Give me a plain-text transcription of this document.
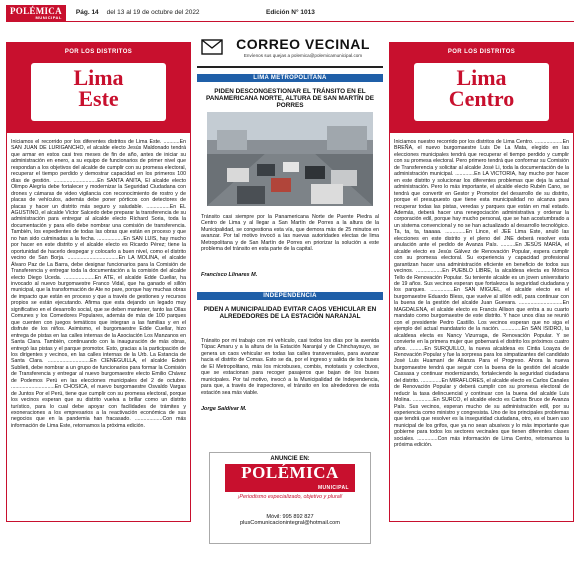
POLÉMICA
MUNICIPAL
Pág. 14 del 13 al 19 de octubre del 2022	Edición N° 1013
POR LOS DISTRITOS
Lima
Este

Iniciamos el recorrido por los diferentes distritos de Lima Este. ...........En SAN JUAN DE LURIGANCHO, el alcalde electo Jesús Maldonado tendrá que armar en estos casi tres meses de fin de año, antes de iniciar su administración en enero, a su equipo de funcionarios de primer nivel que respondan a los objetivos del alcalde de cumplir con su promesa electoral, recuperar el tiempo perdido y demostrar capacidad en los primeros 100 días de gestión. ..............................En SANTA ANITA, El alcalde electo Olimpo Alegría debe fortalecer y modernizar la Seguridad Ciudadana con drones y cámaras de video vigilancia con reconocimiento de rostro y de placas de vehículos, además debe poner pórticos con detectores de placas y hacer un distrito más seguro y saludable. ................En EL AGUSTINO, el alcalde Víctor Salcedo debe preparar la transferencia de su administración para entregar al alcalde electo Richard Soria, toda la documentación y para ello debe nombrar una comisión de transferencia. También, los expedientes de todas las obras que están en proceso y que no han sido culminadas a la fecha. ..................En SAN LUIS, hay mucho por hacer en este distrito y el alcalde electo es Ricardo Pérez; tiene la oportunidad de hacerlo despegar y colocarlo a buen nivel, como el distrito vecino de San Borja. ...................................En LA MOLINA, el alcalde Álvaro Paz de La Barra, debe designar funcionarios para la Comisión de Transferencia y entregar toda la documentación a la comisión del alcalde electo Diego Uceda. .....................En ATE, el alcalde Edde Cuellar, ha invocado al nuevo burgomaestre Franco Vidal, que ha ganado el sillón municipal, que la transformación de Ate no pare, porque hay muchas obras de impacto que están en proceso y que a través de gestiones y recursos propios se están ejecutando. Afirma que esta dejando un legado muy significativo en el desarrollo social, que se deben mantener, tanto las Ollas Comunes y los Comedores Populares, además de más de 100 parques que cuenten con juegos temáticos que integran a las familias y en el disfrute de los niños. Asimismo, el burgomaestre Edde Cuellar, hizo entrega de pistas en las calles internas de la Asociación Los Manzanos en Santa Clara. También, continuando con la inauguración de más obras, entregó las pistas y el parque promotor. Esto, gracias a la participación de los dirigentes y vecinos, en las calles internas de la Urb. La Estancia de Santa Clara. .............................En CIENEGUILLA, el alcalde Edwin Sublieti, debe nombrar a un grupo de funcionarios para formar la Comisión de Transferencia y entregar al nuevo burgomaestre electo Emilio Chávez de Podemos Perú en las elecciones municipales del 2 de octubre. ..............................En CHOSICA, el nuevo burgomaestre Osvaldo Vargas de Juntos Por el Perú, tiene que cumplir con su promesa electoral, porque los vecinos esperan que su distrito vuelva a brillar como un distrito turístico, para lo cual debe apoyar con facilidades de trámites y exoneraciones a los empresarios a la reactivación económica de sus negocios que en la pandemia han fracasado. ...................Con más información de Lima Este, retornamos la próxima edición.

CORREO VECINAL
Envíenos sus quejas a polemica@polemicamunicipal.com
LIMA METROPOLITANA
PIDEN DESCONGESTIONAR EL TRÁNSITO EN EL PANAMERICANA NORTE, ALTURA DE SAN MARTÍN DE PORRES
Tránsito casi siempre por la Panamericana Norte de Puente Piedra al Centro de Lima y al llegar a San Martín de Porres a la altura de la Municipalidad, se congestiona esta vía, que demora más de 25 minutos en avanzar. Por tal motivo invocó a las nuevas autoridades electas de lima Metropolitana y de San Martín de Porres en priorizar la solución a este problema del tránsito en esta parte de la capital.
Francisco Llinares M.
INDEPENDENCIA
PIDEN A MUNICIPALIDAD EVITAR CAOS VEHICULAR EN ALREDEDORES DE LA ESTACIÓN NARANJAL
Tránsito por mi trabajo con mi vehículo, casi todos los días por la avenida Túpac Amaru y a la altura de la Estación Naranjal y de Chinchaysuyo, se genera un caos vehicular en todas las calles transversales, para avanzar hacia el distrito de Comas. Esto se da, por el ingreso y salida de los buses de El Metropolitano, más los microbuses, combis, mototaxis y colectivos, que se estacionan para recoger pasajeros que bajan de los buses municipales. Por tal motivo, invocó a la Municipalidad de Independencia, para que, a través de inspectores, el tránsito en los alrededores de esta estación sea más viable.
Jorge Saldívar M.
ANUNCIE EN:
POLÉMICA
MUNICIPAL
¡Periodismo especializado, objetivo y plural!
Móvil: 995 892 827
plusComunicacionintegral@hotmail.com
POR LOS DISTRITOS
Lima
Centro

Iniciamos nuestro recorrido por los distritos de Lima Centro. ...................En BREÑA, el nuevo burgomaestre Luis De La Mata, elegido en las elecciones municipales tendrá que recuperar el tiempo perdido y cumplir con su promesa electoral. Pero primero tendrá que conformar su Comisión de Transferencia y solicitar al alcalde José Li, toda la documentación de la administración municipal. .............En LA VICTORIA, hay mucho por hacer en este distrito y solucionar los diferentes problemas que deja la actual administración. Pero lo más importante, el alcalde electo Rubén Cano, se tendrá que convertir en Gestor y Promotor del desarrollo de su distrito, porque el presupuesto que tiene esta municipalidad no alcanza para recuperar todas las pistas, veredas y parques que están en mal estado. Además, deberá hacer una renegociación administrativa y ordenar la corporación edil, porque hay mucho personal, que se han acostumbrado a un sistema convencional y no se han actualizado al desarrollo tecnológico. Ta, ta, ta, taaaaa. ..............En Lince, el JEE Lima Este, anuló las elecciones en este distrito y el pleno del JNE deberá resolver esta anulación ante el pedido de Avanza País. ..........En JESÚS MARÍA, el alcalde electo es Jesús Gálvez de Renovación Popular, espera cumplir con su promesa electoral. Su experiencia y capacidad profesional garantizan hacer una administración eficiente en beneficio de todos sus vecinos. ..................En PUEBLO LIBRE, la alcaldesa electa es Mónica Tello de Renovación Popular. Su teniente alcalde es un joven universitario de 19 años. Sus vecinos esperan que fortalezca la seguridad ciudadana y los parques. ................En SAN MIGUEL, el alcalde electo es el burgomaestre Eduardo Bless, que vuelve al sillón edil, para continuar con la buena de la gestión del alcalde Juan Guevara. ..............................En MAGDALENA, el alcalde electo es Francis Allison que entra a su cuarto mandato como burgomaestre de este distrito. Y hace unos días se reunió con el presidente Pedro Castillo. Los vecinos esperan que no siga el ejemplo del actual mandatario de la nación. ..............En SAN ISIDRO, la alcaldesa electa es Nancy Vizurraga, de Renovación Popular. Y se convierte en la primera mujer que gobernará el distrito los próximos cuatro años. ..........En SURQUILLO, la nueva alcaldesa es Cintia Loayza de Renovación Popular y fue la sorpresa para los simpatizantes del candidato José Luis Huamaní de Alianza Para el Progreso. Ahora la nueva burgomaestre tendrá que seguir con la buena de la gestión del alcalde Cassasa y continuar modernizando, fortaleciendo la seguridad ciudadana del distrito. ..............En MIRAFLORES, el alcalde electo es Carlos Canales de Renovación Popular y deberá cumplir con su promesa electoral de reducir la tasa delincuencial y continuar con la buena del alcalde Luis Molina. ..............En SURCO, el alcalde electo es Carlos Bruce de Avanza País. Sus vecinos, esperan mucho de su administración edil, por su experiencia como ministro y congresista. Uno de los principales problemas que tendrá que resolver es la inseguridad ciudadana, otro, es el buen uso municipal de los grifos, que ya no sean abusivos y lo más importante que gobierne para todos los sectores vecinales que tienen diferentes clases sociales. ..............Con más información de Lima Centro, retornamos la próxima edición.
